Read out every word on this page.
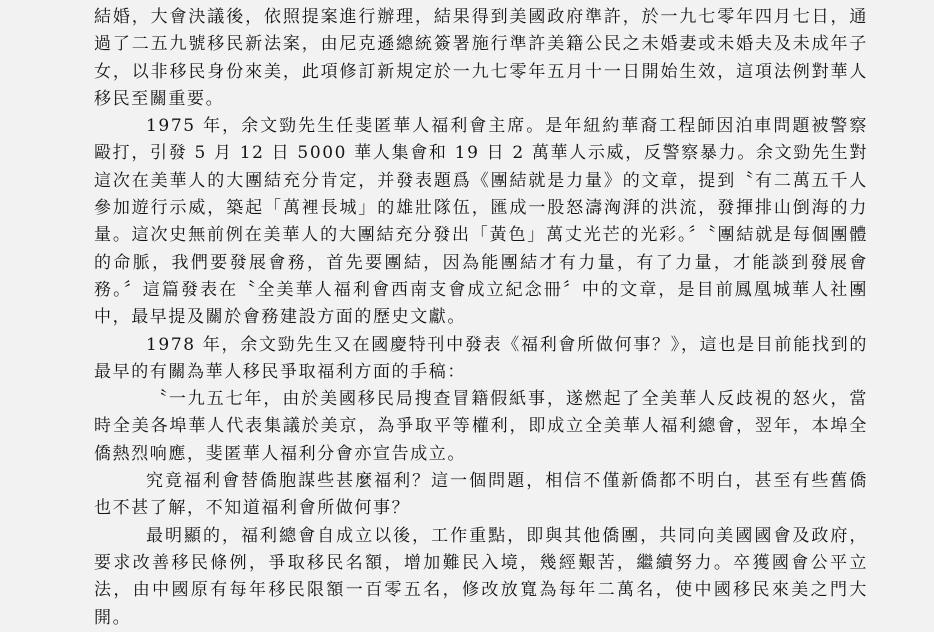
結婚，大會決議後，依照提案進行辦理，結果得到美國政府準許，於一九七零年四月七日，通過了二五九號移民新法案，由尼克遜總統簽署施行準許美籍公民之未婚妻或未婚夫及未成年子女，以非移民身份來美，此項修訂新規定於一九七零年五月十一日開始生效，這項法例對華人移民至關重要。

1975 年，余文勁先生任斐匿華人福利會主席。是年紐約華裔工程師因泊車問題被警察毆打，引發 5 月 12 日 5000 華人集會和 19 日 2 萬華人示威，反警察暴力。余文勁先生對這次在美華人的大團結充分肯定，并發表題爲《團結就是力量》的文章，提到〝有二萬五千人參加遊行示威，築起「萬裡長城」的雄壯隊伍，匯成一股怒濤洶湃的洪流，發揮排山倒海的力量。這次史無前例在美華人的大團結充分發出「黃色」萬丈光芒的光彩。〞〝團結就是每個團體的命脈，我們要發展會務，首先要團結，因為能團結才有力量，有了力量，才能談到發展會務。〞這篇發表在〝全美華人福利會西南支會成立紀念冊〞中的文章，是目前鳳凰城華人社團中，最早提及關於會務建設方面的歷史文獻。

1978 年，余文勁先生又在國慶特刊中發表《福利會所做何事？》，這也是目前能找到的最早的有關為華人移民爭取福利方面的手稿：

〝一九五七年，由於美國移民局搜查冒籍假紙事，遂燃起了全美華人反歧視的怒火，當時全美各埠華人代表集議於美京，為爭取平等權利，即成立全美華人福利總會，翌年，本埠全僑熱烈响應，斐匿華人福利分會亦宣告成立。

究竟福利會替僑胞謀些甚麼福利？這一個問題，相信不僅新僑都不明白，甚至有些舊僑也不甚了解，不知道福利會所做何事？

最明顯的，福利總會自成立以後，工作重點，即與其他僑團，共同向美國國會及政府，要求改善移民條例，爭取移民名額，增加難民入境，幾經艱苦，繼續努力。卒獲國會公平立法，由中國原有每年移民限額一百零五名，修改放寬為每年二萬名，使中國移民來美之門大開。
